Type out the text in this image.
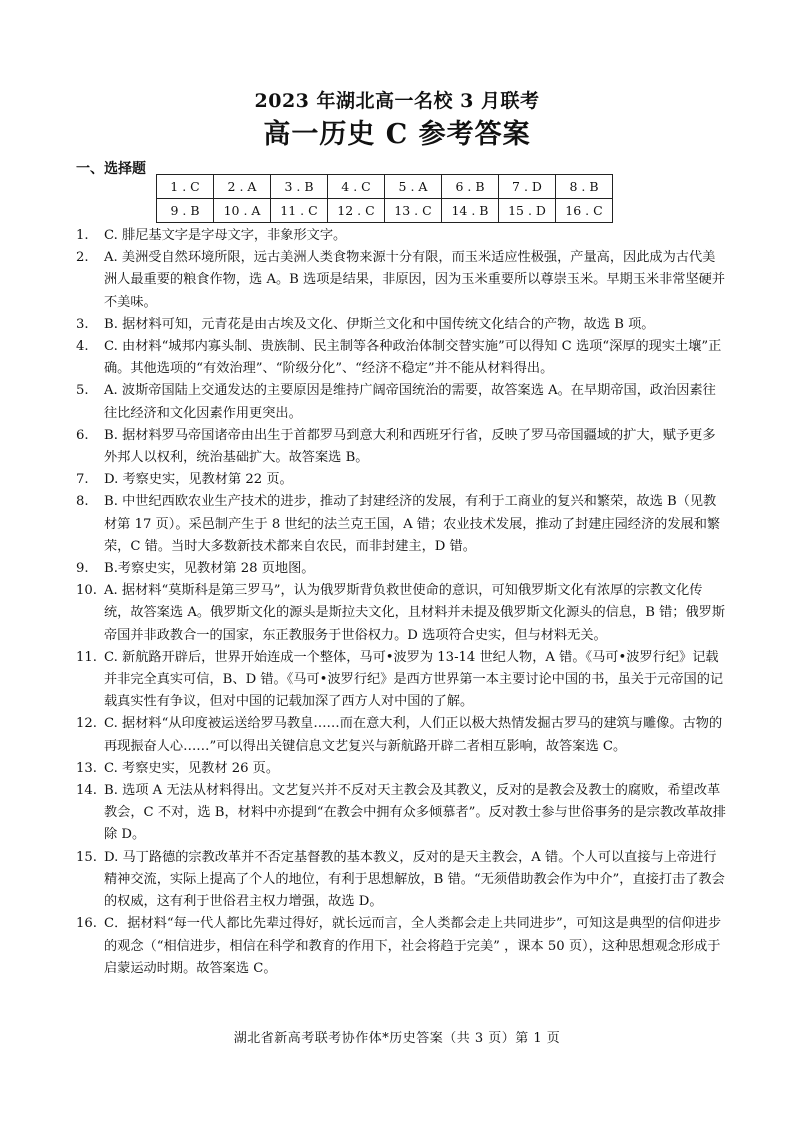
2023 年湖北高一名校 3 月联考
高一历史 C 参考答案
一、选择题
1 . C	2 . A	3 . B	4 . C	5 . A	6 . B	7 . D	8 . B
9 . B	10 . A	11 . C	12 . C	13 . C	14 . B	15 . D	16 . C
1. C. 腓尼基文字是字母文字，非象形文字。
2. A. 美洲受自然环境所限，远古美洲人类食物来源十分有限，而玉米适应性极强，产量高，因此成为古代美洲人最重要的粮食作物，选 A。B 选项是结果，非原因，因为玉米重要所以尊崇玉米。早期玉米非常坚硬并不美味。
3. B. 据材料可知，元青花是由古埃及文化、伊斯兰文化和中国传统文化结合的产物，故选 B 项。
4. C. 由材料“城邦内寡头制、贵族制、民主制等各种政治体制交替实施”可以得知 C 选项“深厚的现实土壤”正确。其他选项的“有效治理”、“阶级分化”、“经济不稳定”并不能从材料得出。
5. A. 波斯帝国陆上交通发达的主要原因是维持广阔帝国统治的需要，故答案选 A。在早期帝国，政治因素往往比经济和文化因素作用更突出。
6. B. 据材料罗马帝国诸帝由出生于首都罗马到意大利和西班牙行省，反映了罗马帝国疆域的扩大，赋予更多外邦人以权利，统治基础扩大。故答案选 B。
7. D. 考察史实，见教材第 22 页。
8. B. 中世纪西欧农业生产技术的进步，推动了封建经济的发展，有利于工商业的复兴和繁荣，故选 B（见教材第 17 页）。采邑制产生于 8 世纪的法兰克王国，A 错；农业技术发展，推动了封建庄园经济的发展和繁荣，C 错。当时大多数新技术都来自农民，而非封建主，D 错。
9. B.考察史实，见教材第 28 页地图。
10. A. 据材料“莫斯科是第三罗马”，认为俄罗斯背负救世使命的意识，可知俄罗斯文化有浓厚的宗教文化传统，故答案选 A。俄罗斯文化的源头是斯拉夫文化，且材料并未提及俄罗斯文化源头的信息，B 错；俄罗斯帝国并非政教合一的国家，东正教服务于世俗权力。D 选项符合史实，但与材料无关。
11. C. 新航路开辟后，世界开始连成一个整体，马可•波罗为 13-14 世纪人物，A 错。《马可•波罗行纪》记载并非完全真实可信，B、D 错。《马可•波罗行纪》是西方世界第一本主要讨论中国的书，虽关于元帝国的记载真实性有争议，但对中国的记载加深了西方人对中国的了解。
12. C. 据材料“从印度被运送给罗马教皇……而在意大利，人们正以极大热情发掘古罗马的建筑与雕像。古物的再现振奋人心……”可以得出关键信息文艺复兴与新航路开辟二者相互影响，故答案选 C。
13. C. 考察史实，见教材 26 页。
14. B. 选项 A 无法从材料得出。文艺复兴并不反对天主教会及其教义，反对的是教会及教士的腐败，希望改革教会，C 不对，选 B，材料中亦提到“在教会中拥有众多倾慕者”。反对教士参与世俗事务的是宗教改革故排除 D。
15. D. 马丁路德的宗教改革并不否定基督教的基本教义，反对的是天主教会，A 错。个人可以直接与上帝进行精神交流，实际上提高了个人的地位，有利于思想解放，B 错。“无须借助教会作为中介”，直接打击了教会的权威，这有利于世俗君主权力增强，故选 D。
16. C．据材料“每一代人都比先辈过得好，就长远而言，全人类都会走上共同进步”，可知这是典型的信仰进步的观念（“相信进步，相信在科学和教育的作用下，社会将趋于完美” ，课本 50 页），这种思想观念形成于启蒙运动时期。故答案选 C。
湖北省新高考联考协作体*历史答案（共 3 页）第 1 页
